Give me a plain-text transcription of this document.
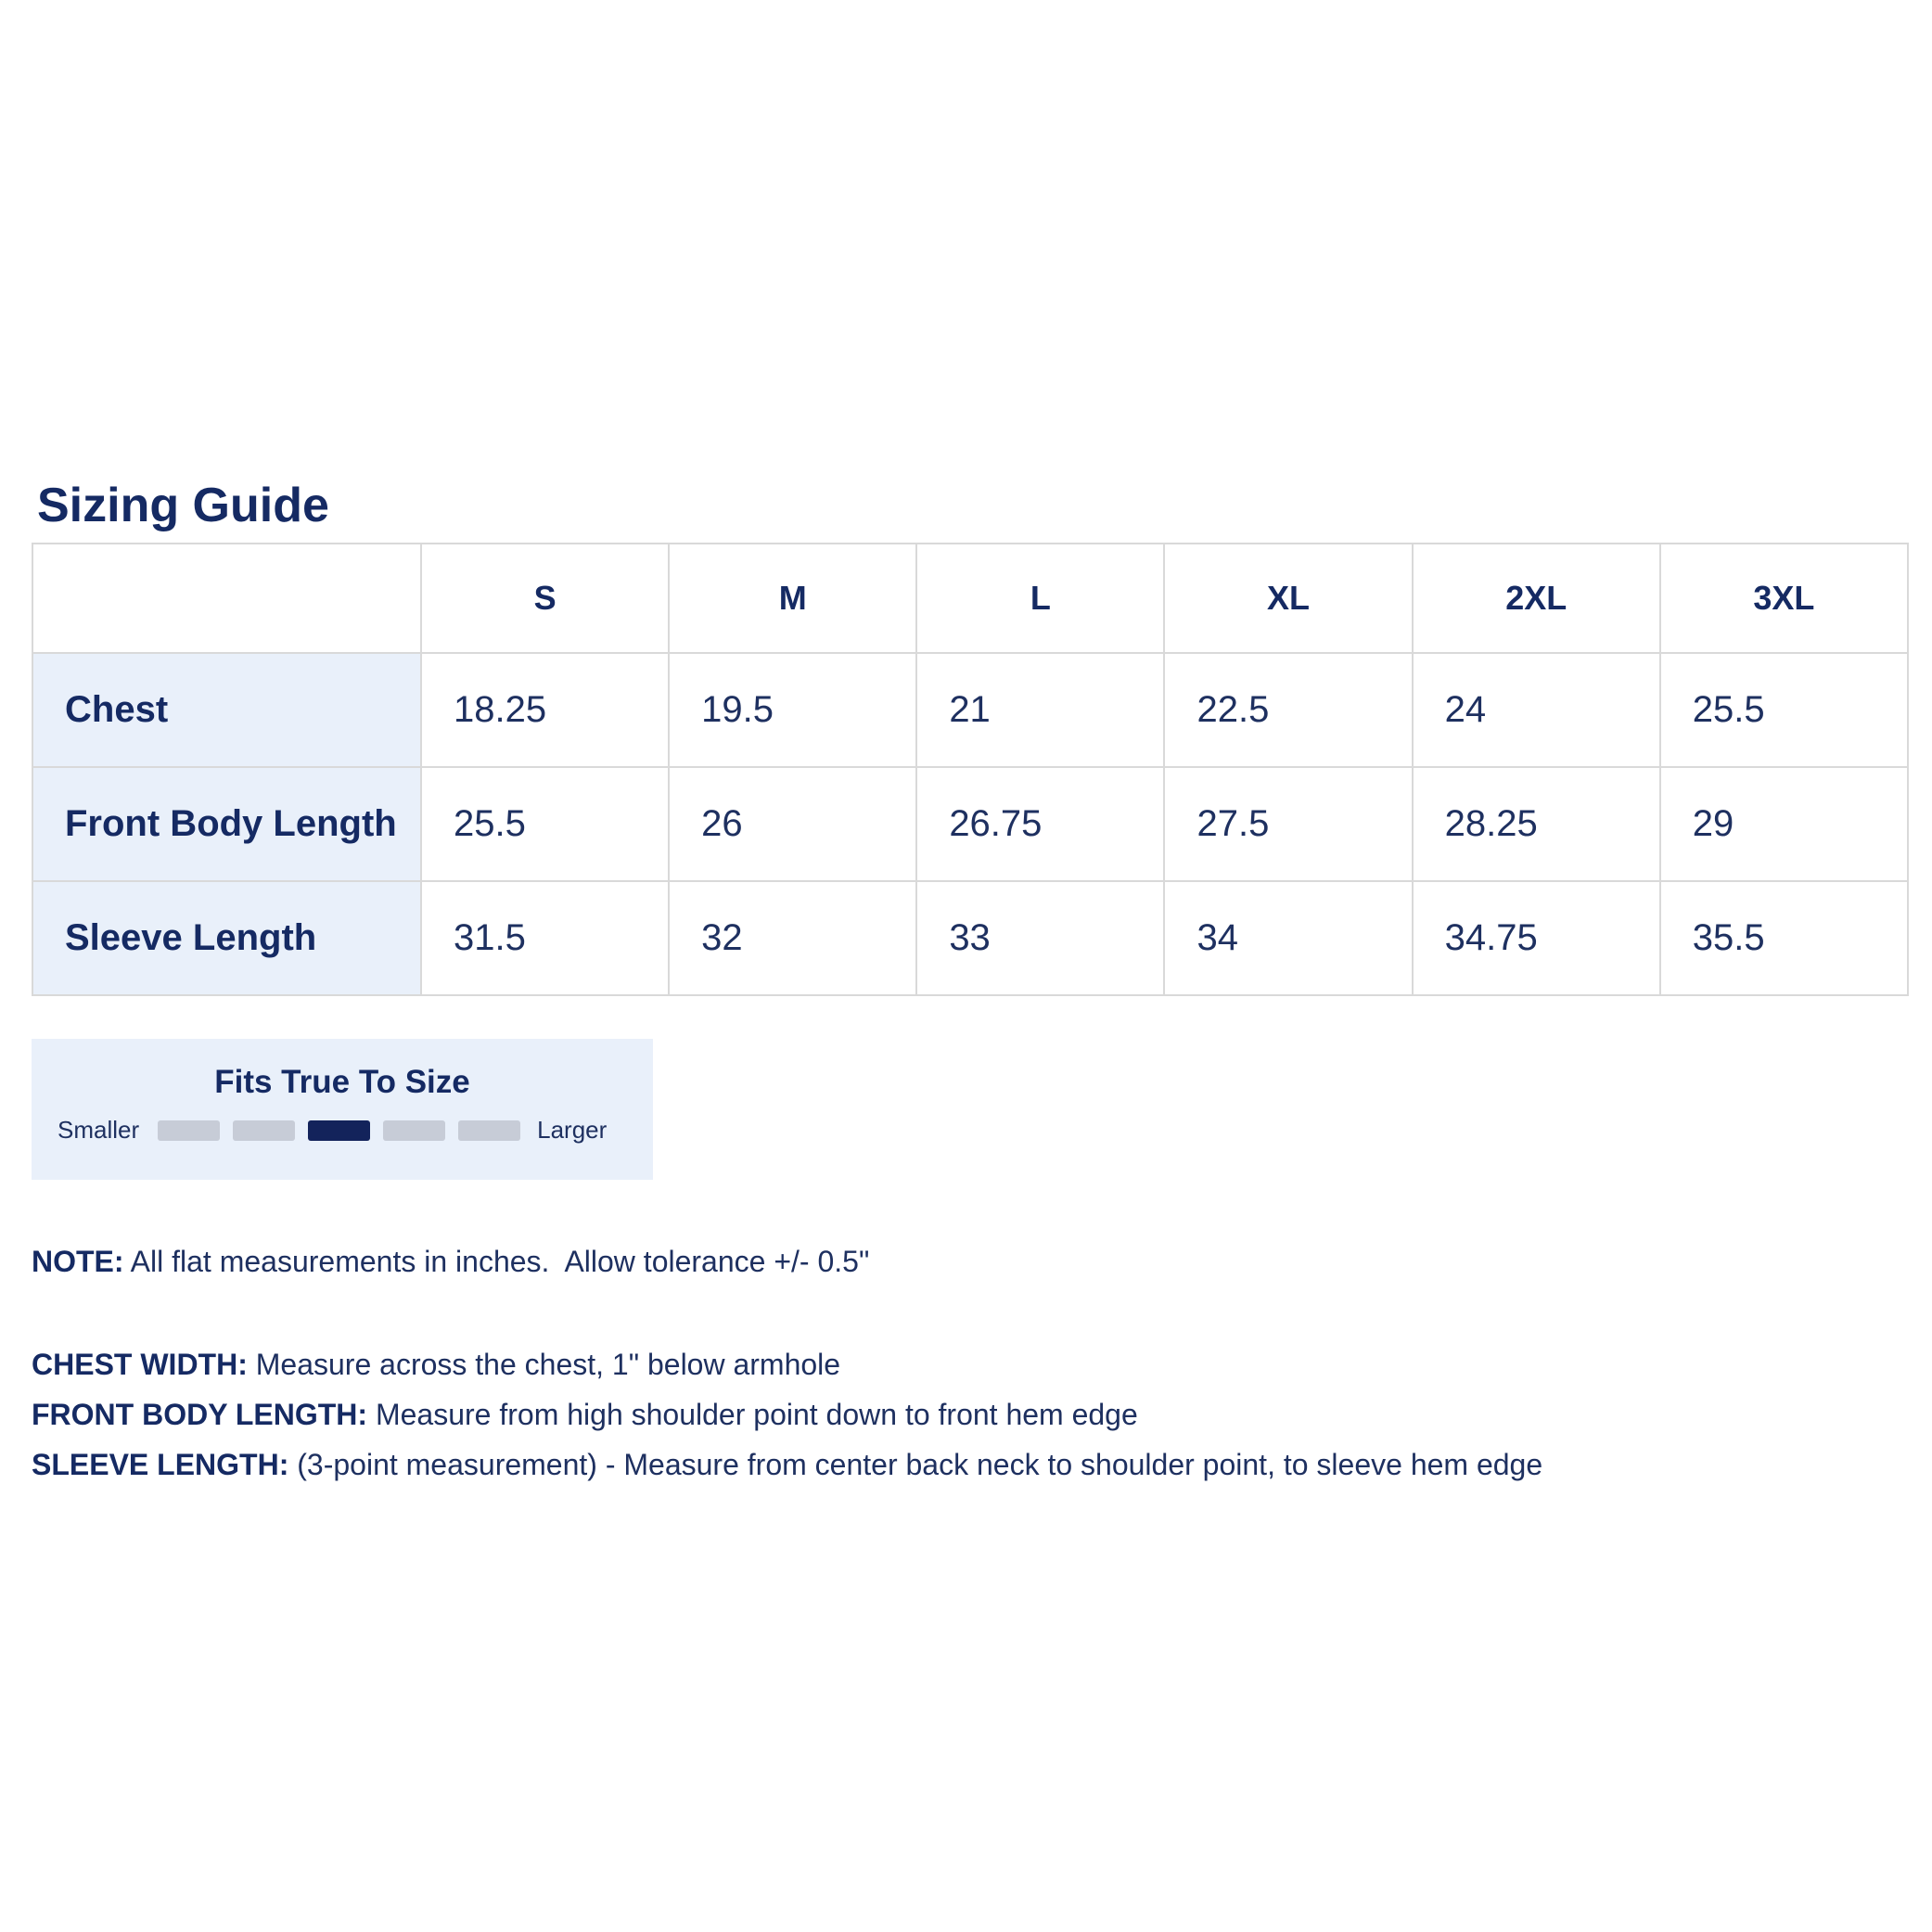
Sizing Guide
	S	M	L	XL	2XL	3XL
Chest	18.25	19.5	21	22.5	24	25.5
Front Body Length	25.5	26	26.75	27.5	28.25	29
Sleeve Length	31.5	32	33	34	34.75	35.5
Fits True To Size
Smaller	Larger
NOTE: All flat measurements in inches.  Allow tolerance +/- 0.5"
CHEST WIDTH: Measure across the chest, 1" below armhole
FRONT BODY LENGTH: Measure from high shoulder point down to front hem edge
SLEEVE LENGTH: (3-point measurement) - Measure from center back neck to shoulder point, to sleeve hem edge
